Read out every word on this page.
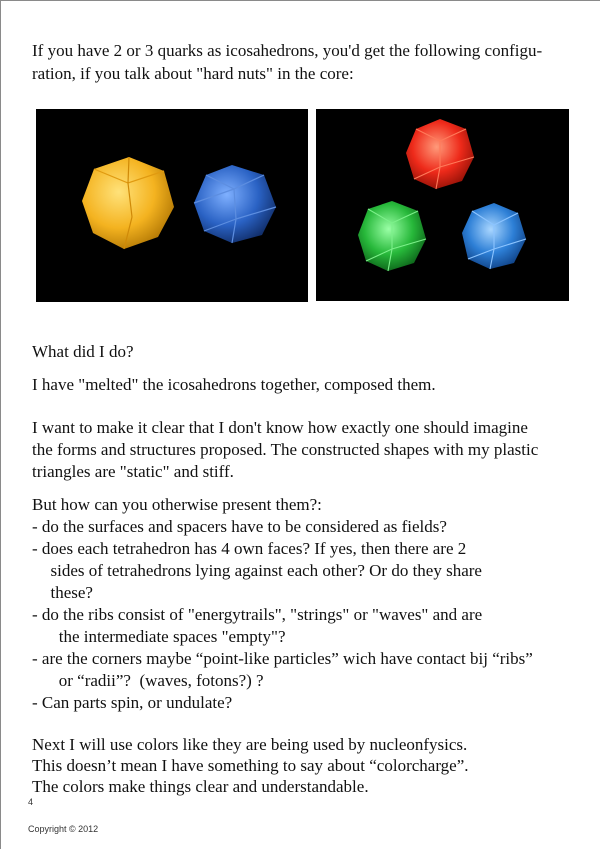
If you have 2 or 3 quarks as icosahedrons, you'd get the following configu-

ration, if you talk about "hard nuts" in the core:

What did I do?

I have "melted" the icosahedrons together, composed them.

I want to make it clear that I don't know how exactly one should imagine

the forms and structures proposed. The constructed shapes with my plastic

triangles are "static" and stiff.

But how can you otherwise present them?:

- do the surfaces and spacers have to be considered as fields?
- does each tetrahedron has 4 own faces? If yes, then there are 2
sides of tetrahedrons lying against each other? Or do they share
these?
- do the ribs consist of "energytrails", "strings" or "waves" and are
the intermediate spaces "empty"?
- are the corners maybe “point-like particles” wich have contact bij “ribs”
or “radii”?  (waves, fotons?) ?
- Can parts spin, or undulate?

Next I will use colors like they are being used by nucleonfysics.

This doesn’t mean I have something to say about “colorcharge”.

The colors make things clear and understandable.

4
Copyright © 2012
